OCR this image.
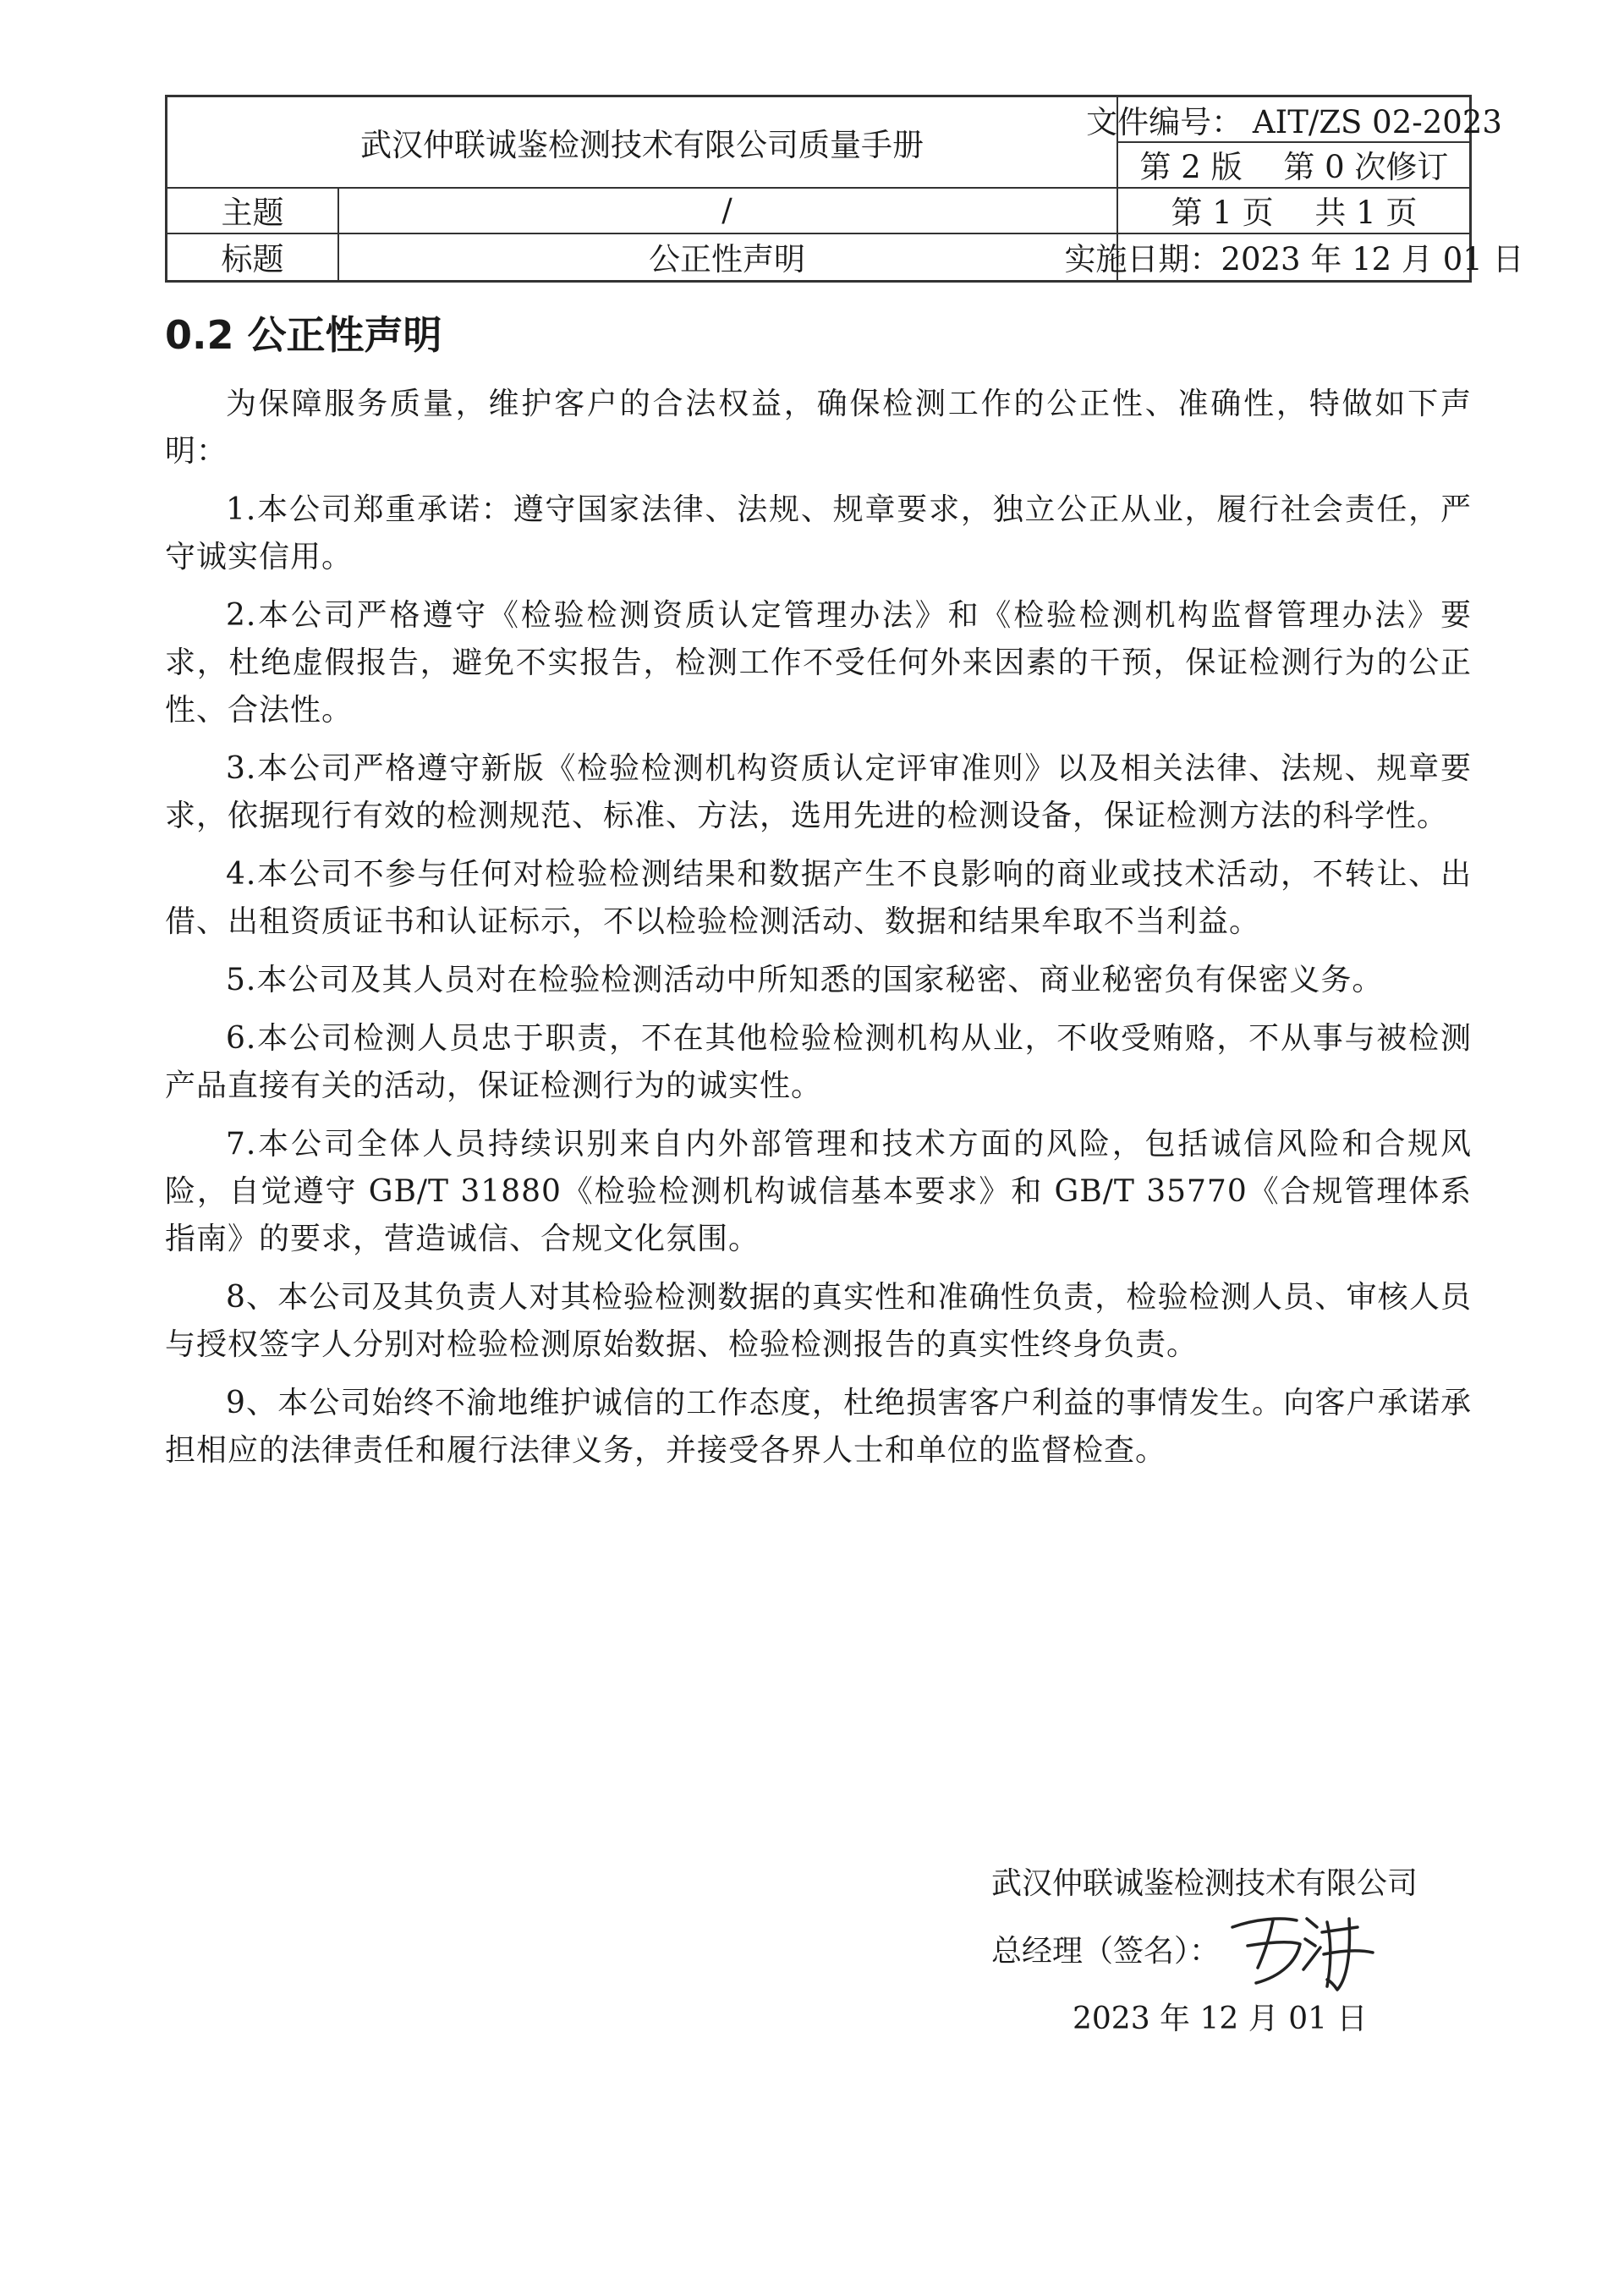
武汉仲联诚鉴检测技术有限公司质量手册
文件编号： AIT/ZS 02-2023
第 2 版　 第 0 次修订
主题	/	第 1 页　 共 1 页
标题	公正性声明	实施日期：2023 年 12 月 01 日
0.2 公正性声明

为保障服务质量，维护客户的合法权益，确保检测工作的公正性、准确性，特做如下声明：

1.本公司郑重承诺：遵守国家法律、法规、规章要求，独立公正从业，履行社会责任，严守诚实信用。

2.本公司严格遵守《检验检测资质认定管理办法》和《检验检测机构监督管理办法》要求，杜绝虚假报告，避免不实报告，检测工作不受任何外来因素的干预，保证检测行为的公正性、合法性。

3.本公司严格遵守新版《检验检测机构资质认定评审准则》以及相关法律、法规、规章要求，依据现行有效的检测规范、标准、方法，选用先进的检测设备，保证检测方法的科学性。

4.本公司不参与任何对检验检测结果和数据产生不良影响的商业或技术活动，不转让、出借、出租资质证书和认证标示，不以检验检测活动、数据和结果牟取不当利益。

5.本公司及其人员对在检验检测活动中所知悉的国家秘密、商业秘密负有保密义务。

6.本公司检测人员忠于职责，不在其他检验检测机构从业，不收受贿赂，不从事与被检测产品直接有关的活动，保证检测行为的诚实性。

7.本公司全体人员持续识别来自内外部管理和技术方面的风险，包括诚信风险和合规风险，自觉遵守 GB/T 31880《检验检测机构诚信基本要求》和 GB/T 35770《合规管理体系指南》的要求，营造诚信、合规文化氛围。

8、本公司及其负责人对其检验检测数据的真实性和准确性负责，检验检测人员、审核人员与授权签字人分别对检验检测原始数据、检验检测报告的真实性终身负责。

9、本公司始终不渝地维护诚信的工作态度，杜绝损害客户利益的事情发生。向客户承诺承担相应的法律责任和履行法律义务，并接受各界人士和单位的监督检查。

武汉仲联诚鉴检测技术有限公司
总经理（签名）：
2023 年 12 月 01 日
